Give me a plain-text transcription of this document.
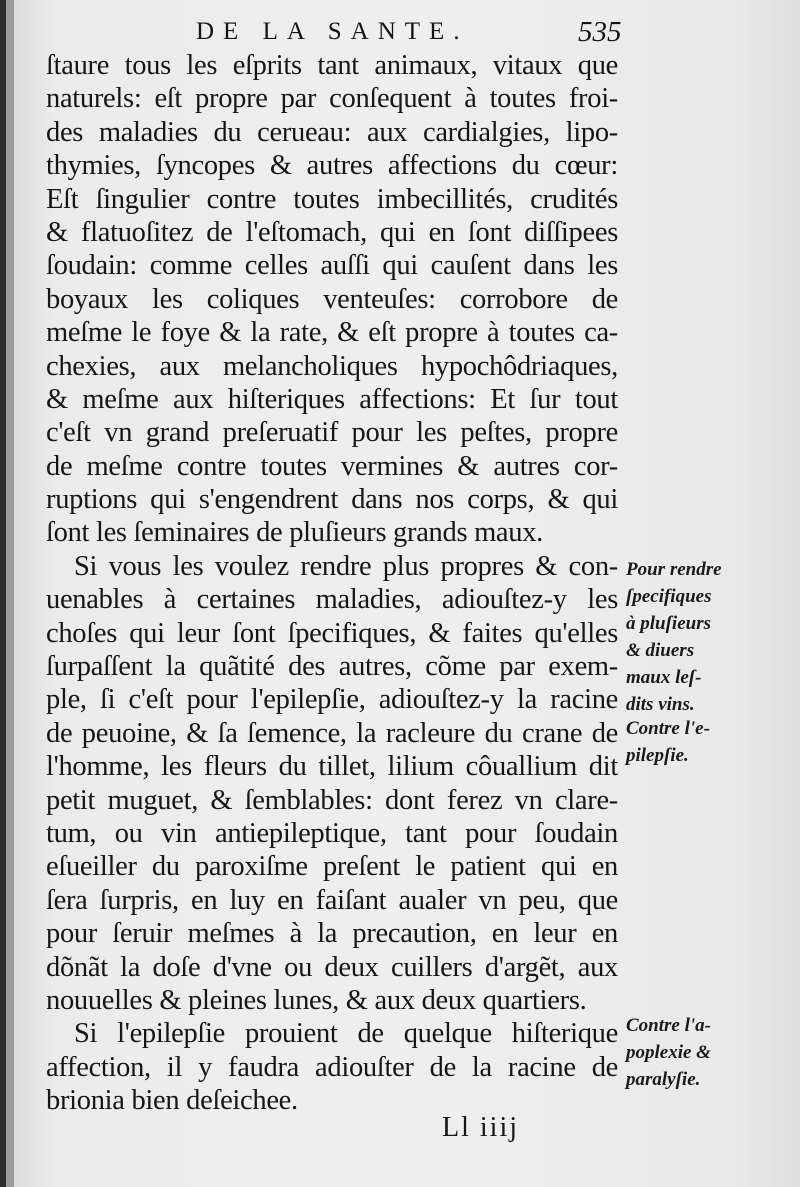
DE LA SANTE.	535
ſtaure tous les eſprits tant animaux, vitaux que
naturels: eſt propre par conſequent à toutes froi-
des maladies du cerueau: aux cardialgies, lipo-
thymies, ſyncopes & autres affections du cœur:
Eſt ſingulier contre toutes imbecillités, crudités
& flatuoſitez de l'eſtomach, qui en ſont diſſipees
ſoudain: comme celles auſſi qui cauſent dans les
boyaux les coliques venteuſes: corrobore de
meſme le foye & la rate, & eſt propre à toutes ca-
chexies, aux melancholiques hypochôdriaques,
& meſme aux hiſteriques affections: Et ſur tout
c'eſt vn grand preſeruatif pour les peſtes, propre
de meſme contre toutes vermines & autres cor-
ruptions qui s'engendrent dans nos corps, & qui
ſont les ſeminaires de pluſieurs grands maux.
Si vous les voulez rendre plus propres & con-
uenables à certaines maladies, adiouſtez-y les
choſes qui leur ſont ſpecifiques, & faites qu'elles
ſurpaſſent la quãtité des autres, cõme par exem-
ple, ſi c'eſt pour l'epilepſie, adiouſtez-y la racine
de peuoine, & ſa ſemence, la racleure du crane de
l'homme, les fleurs du tillet, lilium côuallium dit
petit muguet, & ſemblables: dont ferez vn clare-
tum, ou vin antiepileptique, tant pour ſoudain
eſueiller du paroxiſme preſent le patient qui en
ſera ſurpris, en luy en faiſant aualer vn peu, que
pour ſeruir meſmes à la precaution, en leur en
dõnãt la doſe d'vne ou deux cuillers d'argẽt, aux
nouuelles & pleines lunes, & aux deux quartiers.
Si l'epilepſie prouient de quelque hiſterique
affection, il y faudra adiouſter de la racine de
brionia bien deſeichee.
Pour rendre
ſpecifiques
à pluſieurs
& diuers
maux leſ-
dits vins.
Contre l'e-
pilepſie.
Contre l'a-
poplexie &
paralyſie.
Ll iiij
